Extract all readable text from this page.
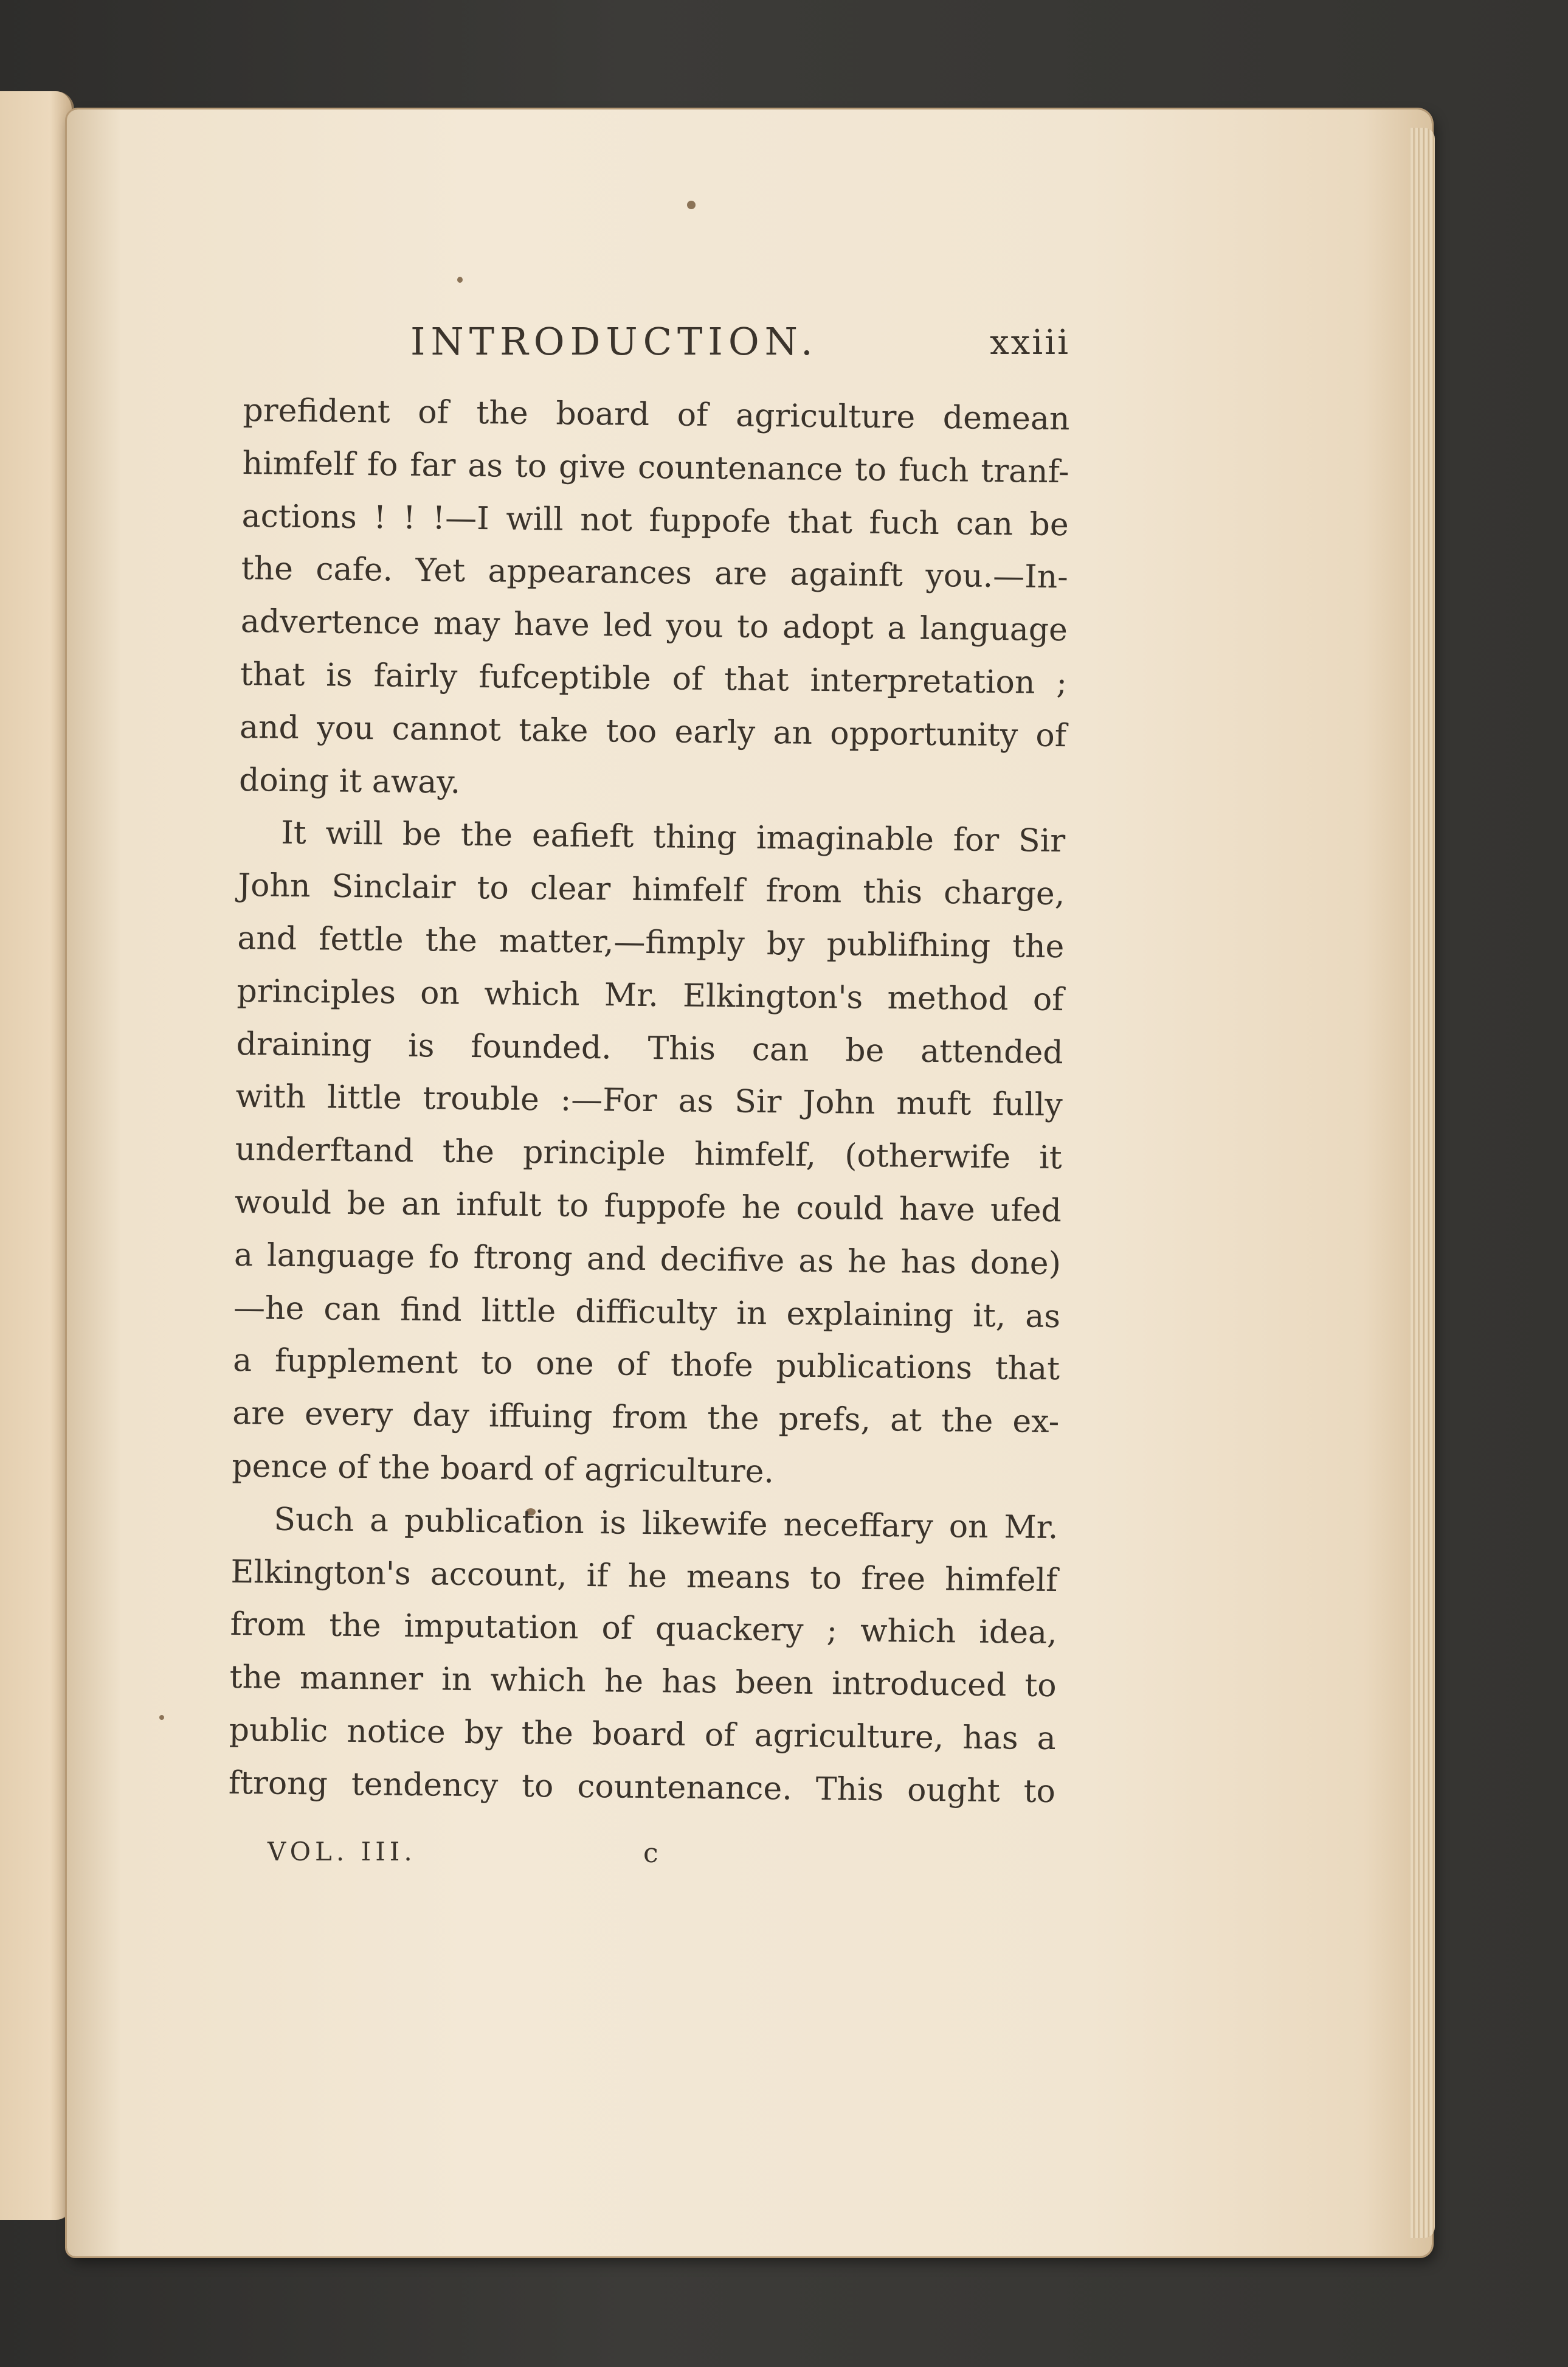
INTRODUCTION.	xxiii

prefident of the board of agriculture demean
himfelf fo far as to give countenance to fuch tranf-
actions ! ! !—I will not fuppofe that fuch can be
the cafe. Yet appearances are againft you.—In-
advertence may have led you to adopt a language
that is fairly fufceptible of that interpretation ;
and you cannot take too early an opportunity of
doing it away.

It will be the eafieft thing imaginable for Sir
John Sinclair to clear himfelf from this charge,
and fettle the matter,—fimply by publifhing the
principles on which Mr. Elkington's method of
draining is founded. This can be attended
with little trouble :—For as Sir John muft fully
underftand the principle himfelf, (otherwife it
would be an infult to fuppofe he could have ufed
a language fo ftrong and decifive as he has done)
—he can find little difficulty in explaining it, as
a fupplement to one of thofe publications that
are every day iffuing from the prefs, at the ex-
pence of the board of agriculture.

Such a publication is likewife neceffary on Mr.
Elkington's account, if he means to free himfelf
from the imputation of quackery ; which idea,
the manner in which he has been introduced to
public notice by the board of agriculture, has a
ftrong tendency to countenance. This ought to

VOL. III.	c
